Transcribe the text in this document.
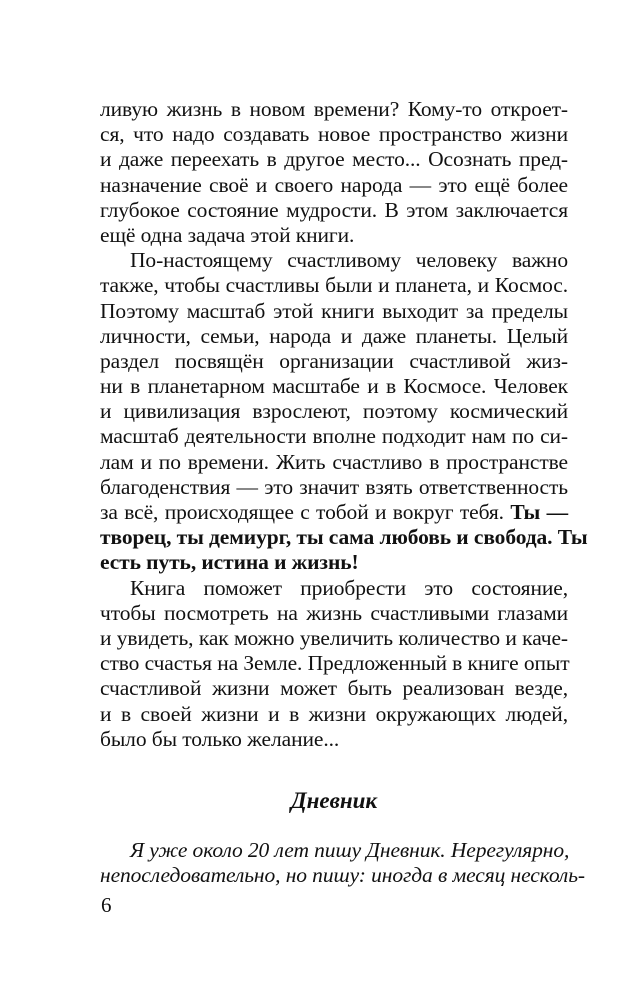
ливую жизнь в новом времени? Кому-то откроет-
ся, что надо создавать новое пространство жизни
и даже переехать в другое место... Осознать пред-
назначение своё и своего народа — это ещё более
глубокое состояние мудрости. В этом заключается
ещё одна задача этой книги.
По-настоящему счастливому человеку важно
также, чтобы счастливы были и планета, и Космос.
Поэтому масштаб этой книги выходит за пределы
личности, семьи, народа и даже планеты. Целый
раздел посвящён организации счастливой жиз-
ни в планетарном масштабе и в Космосе. Человек
и цивилизация взрослеют, поэтому космический
масштаб деятельности вполне подходит нам по си-
лам и по времени. Жить счастливо в пространстве
благоденствия — это значит взять ответственность
за всё, происходящее с тобой и вокруг тебя. Ты —
творец, ты демиург, ты сама любовь и свобода. Ты
есть путь, истина и жизнь!
Книга поможет приобрести это состояние,
чтобы посмотреть на жизнь счастливыми глазами
и увидеть, как можно увеличить количество и каче-
ство счастья на Земле. Предложенный в книге опыт
счастливой жизни может быть реализован везде,
и в своей жизни и в жизни окружающих людей,
было бы только желание...
Дневник
Я уже около 20 лет пишу Дневник. Нерегулярно,
непоследовательно, но пишу: иногда в месяц несколь-
6
